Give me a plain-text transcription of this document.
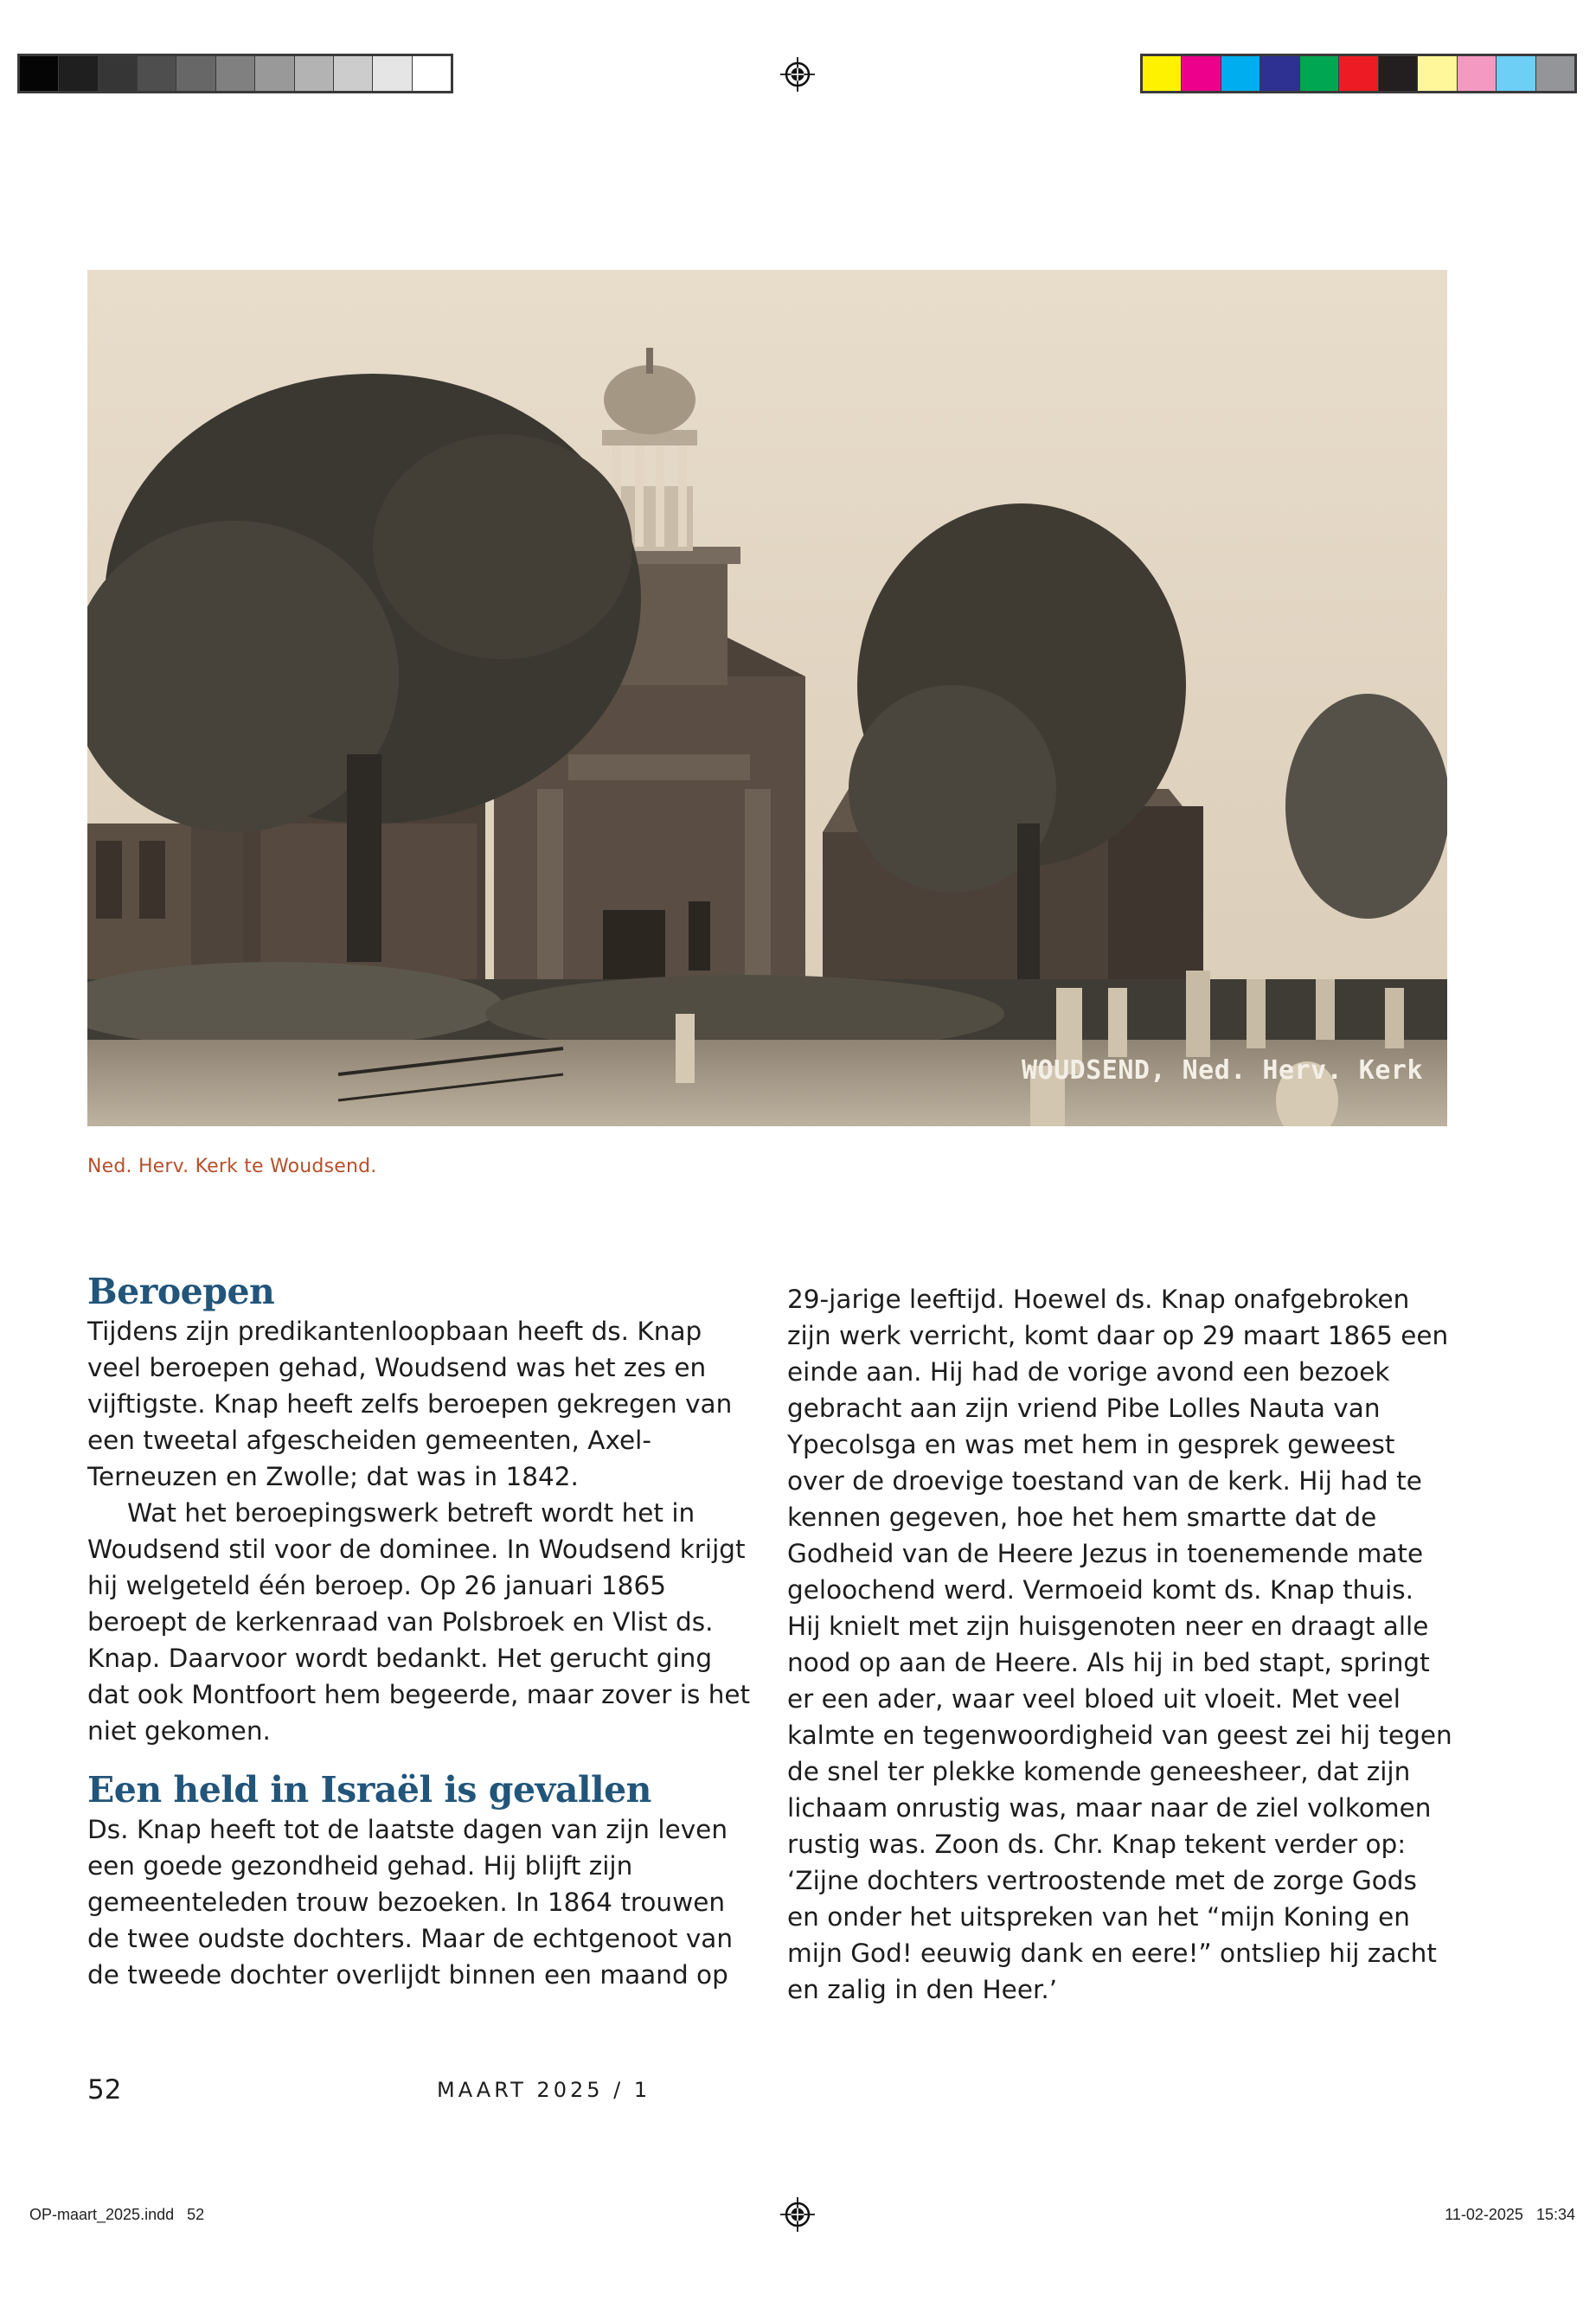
WOUDSEND, Ned. Herv. Kerk
Ned. Herv. Kerk te Woudsend.
Beroepen

Tijdens zijn predikantenloopbaan heeft ds. Knap veel beroepen gehad, Woudsend was het zes en vijftigste. Knap heeft zelfs beroepen gekregen van een tweetal afgescheiden gemeenten, Axel-Terneuzen en Zwolle; dat was in 1842.

Wat het beroepingswerk betreft wordt het in Woudsend stil voor de dominee. In Woudsend krijgt hij welgeteld één beroep. Op 26 januari 1865 beroept de kerkenraad van Polsbroek en Vlist ds. Knap. Daarvoor wordt bedankt. Het gerucht ging dat ook Montfoort hem begeerde, maar zover is het niet gekomen.

Een held in Israël is gevallen

Ds. Knap heeft tot de laatste dagen van zijn leven een goede gezondheid gehad. Hij blijft zijn gemeenteleden trouw bezoeken. In 1864 trouwen de twee oudste dochters. Maar de echtgenoot van de tweede dochter overlijdt binnen een maand op

29-jarige leeftijd. Hoewel ds. Knap onafgebroken zijn werk verricht, komt daar op 29 maart 1865 een einde aan. Hij had de vorige avond een bezoek gebracht aan zijn vriend Pibe Lolles Nauta van Ypecolsga en was met hem in gesprek geweest over de droevige toestand van de kerk. Hij had te kennen gegeven, hoe het hem smartte dat de Godheid van de Heere Jezus in toenemende mate geloochend werd. Vermoeid komt ds. Knap thuis. Hij knielt met zijn huisgenoten neer en draagt alle nood op aan de Heere. Als hij in bed stapt, springt er een ader, waar veel bloed uit vloeit. Met veel kalmte en tegenwoordigheid van geest zei hij tegen de snel ter plekke komende geneesheer, dat zijn lichaam onrustig was, maar naar de ziel volkomen rustig was. Zoon ds. Chr. Knap tekent verder op: ‘Zijne dochters vertroostende met de zorge Gods en onder het uitspreken van het “mijn Koning en mijn God! eeuwig dank en eere!” ontsliep hij zacht en zalig in den Heer.’

52	MAART 2025 / 1
OP-maart_2025.indd   52	11-02-2025   15:34
